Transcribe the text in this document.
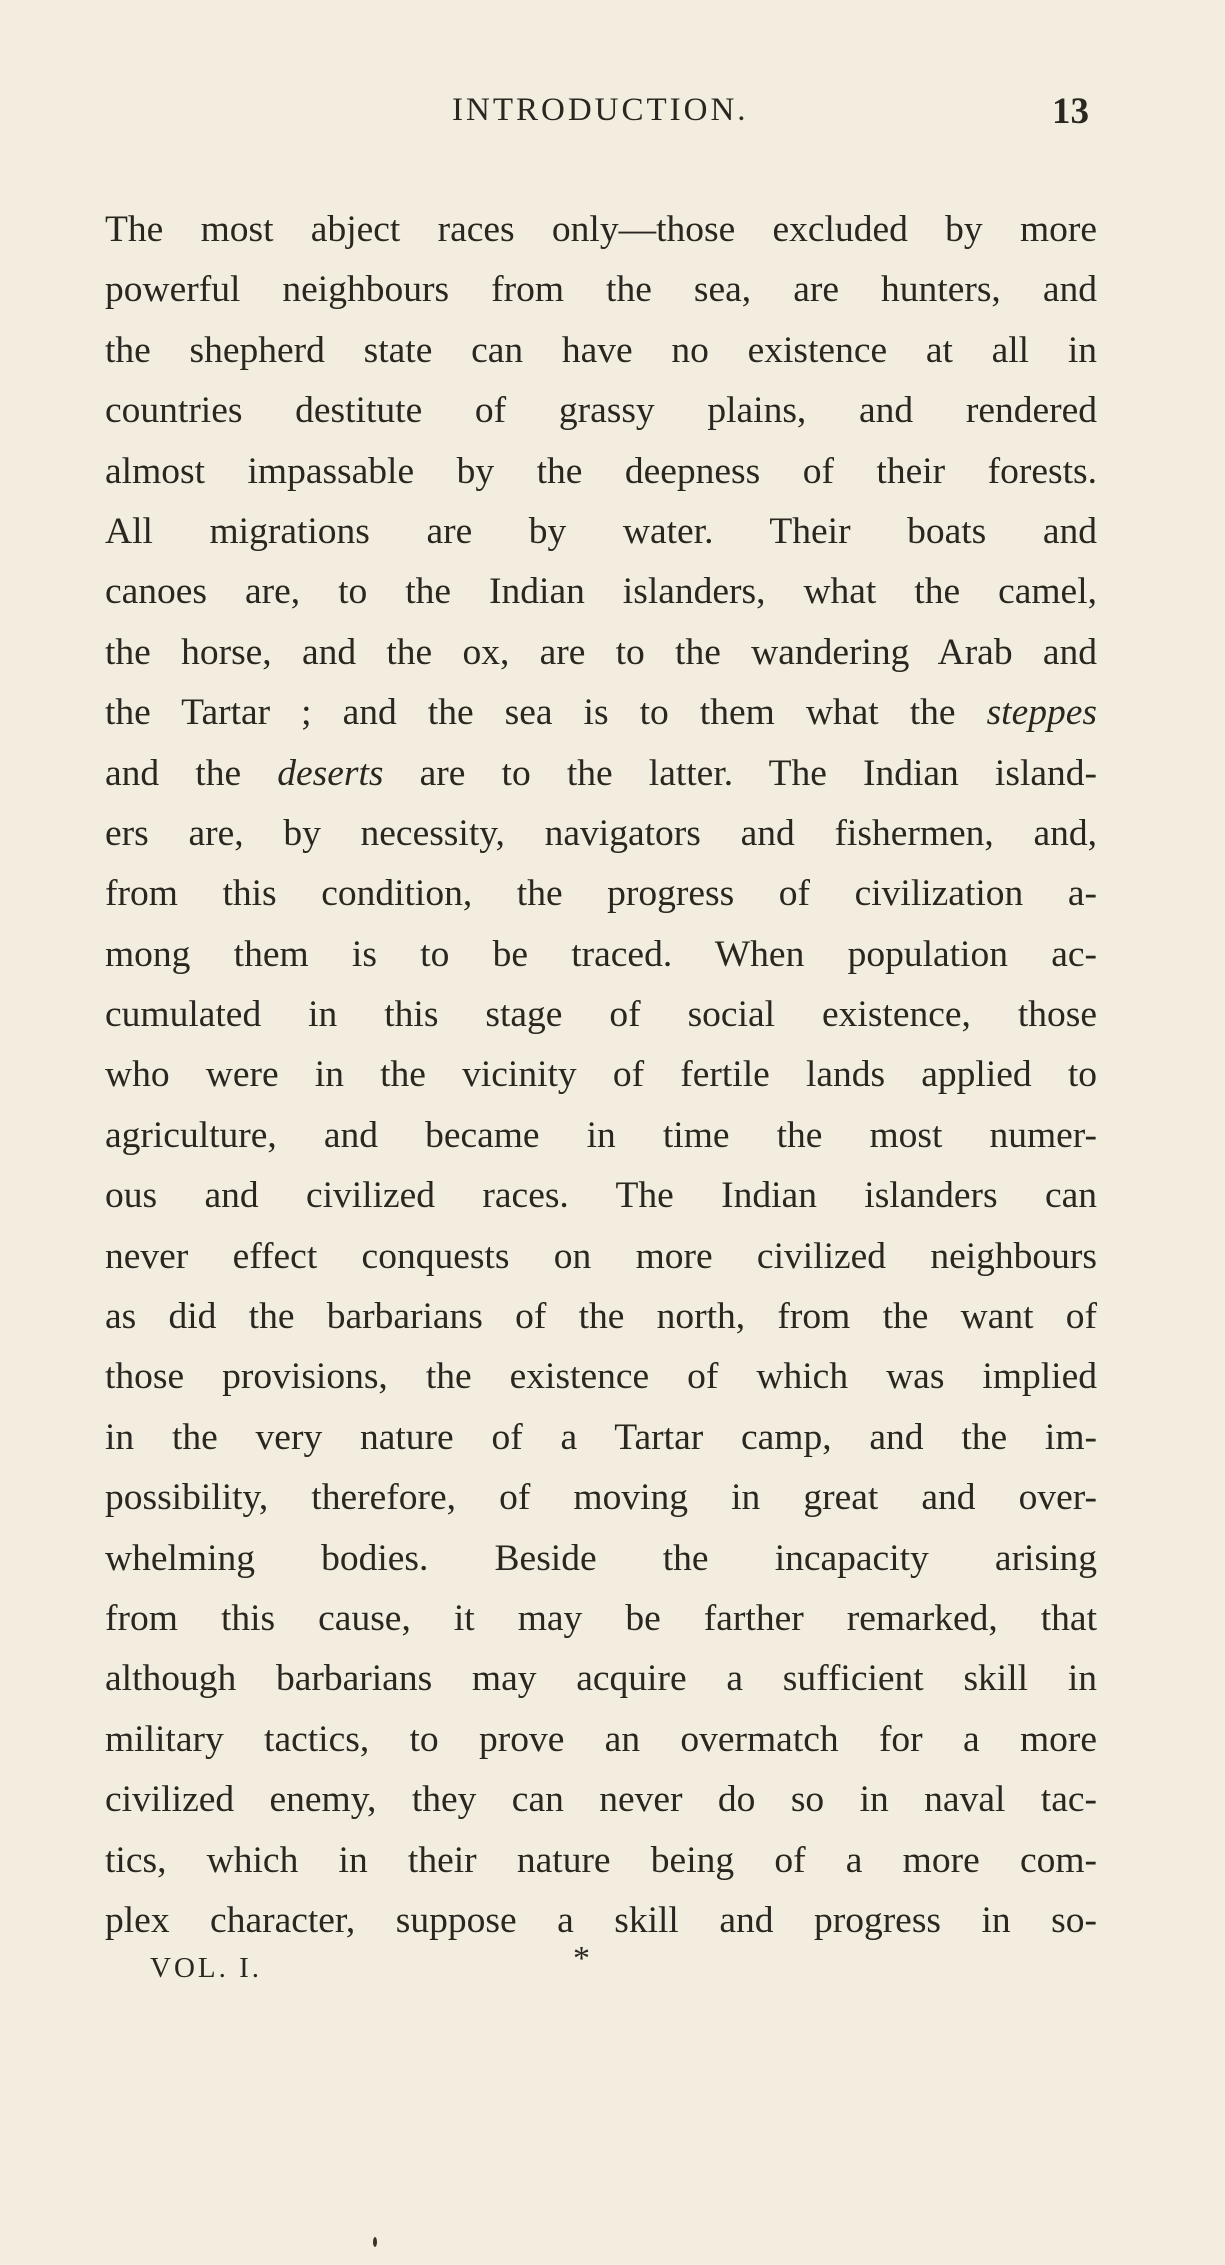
INTRODUCTION.	13
The most abject races only—those excluded by more
powerful neighbours from the sea, are hunters, and
the shepherd state can have no existence at all in
countries destitute of grassy plains, and rendered
almost impassable by the deepness of their forests.
All migrations are by water. Their boats and
canoes are, to the Indian islanders, what the camel,
the horse, and the ox, are to the wandering Arab and
the Tartar ; and the sea is to them what the steppes
and the deserts are to the latter. The Indian island-
ers are, by necessity, navigators and fishermen, and,
from this condition, the progress of civilization a-
mong them is to be traced. When population ac-
cumulated in this stage of social existence, those
who were in the vicinity of fertile lands applied to
agriculture, and became in time the most numer-
ous and civilized races. The Indian islanders can
never effect conquests on more civilized neighbours
as did the barbarians of the north, from the want of
those provisions, the existence of which was implied
in the very nature of a Tartar camp, and the im-
possibility, therefore, of moving in great and over-
whelming bodies. Beside the incapacity arising
from this cause, it may be farther remarked, that
although barbarians may acquire a sufficient skill in
military tactics, to prove an overmatch for a more
civilized enemy, they can never do so in naval tac-
tics, which in their nature being of a more com-
plex character, suppose a skill and progress in so-
VOL. I.	*
